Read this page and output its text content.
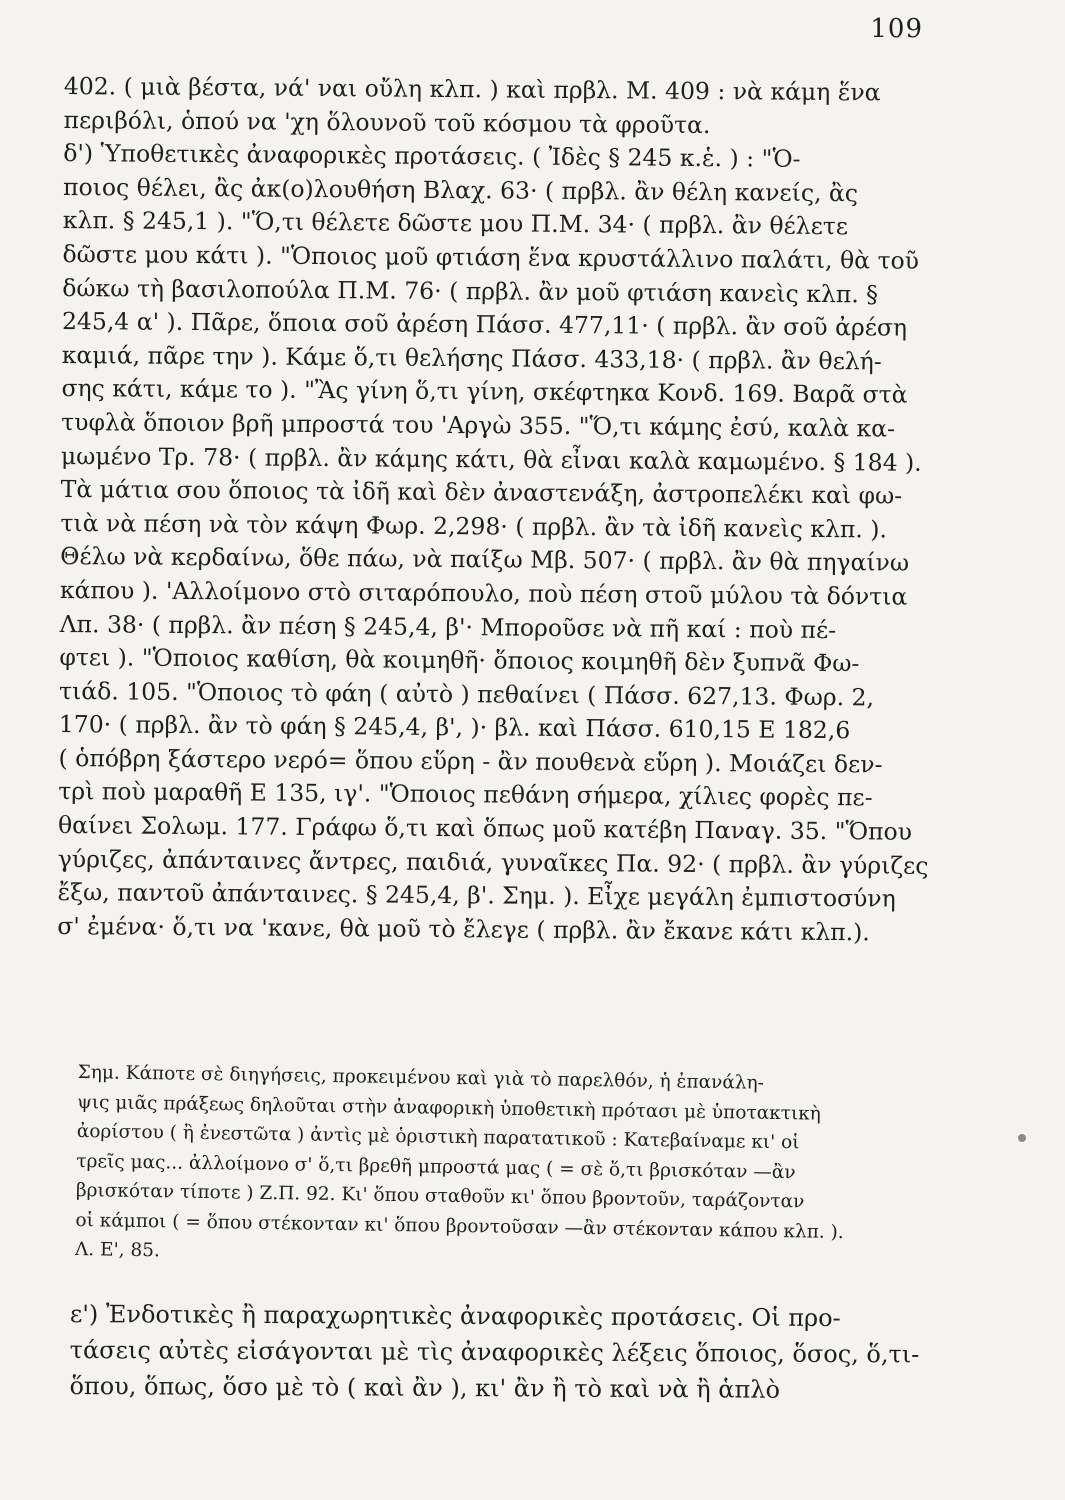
109
402. ( μιὰ βέστα, νά' ναι οὔλη κλπ. ) καὶ πρβλ. Μ. 409 : νὰ κάμη ἕνα
περιβόλι, ὁπού να 'χη ὅλουνοῦ τοῦ κόσμου τὰ φροῦτα.
δ') Ὑποθετικὲς ἀναφορικὲς προτάσεις. ( Ἰδὲς § 245 κ.ἑ. ) : "Ὁ-
ποιος θέλει, ἂς ἀκ(ο)λουθήση Βλαχ. 63· ( πρβλ. ἂν θέλη κανείς, ἂς
κλπ. § 245,1 ). "Ὅ,τι θέλετε δῶστε μου Π.Μ. 34· ( πρβλ. ἂν θέλετε
δῶστε μου κάτι ). "Ὁποιος μοῦ φτιάση ἕνα κρυστάλλινο παλάτι, θὰ τοῦ
δώκω τὴ βασιλοπούλα Π.Μ. 76· ( πρβλ. ἂν μοῦ φτιάση κανεὶς κλπ. §
245,4 α' ). Πᾶρε, ὅποια σοῦ ἀρέση Πάσσ. 477,11· ( πρβλ. ἂν σοῦ ἀρέση
καμιά, πᾶρε την ). Κάμε ὅ,τι θελήσης Πάσσ. 433,18· ( πρβλ. ἂν θελή-
σης κάτι, κάμε το ). "Ἂς γίνη ὅ,τι γίνη, σκέφτηκα Κονδ. 169. Βαρᾶ στὰ
τυφλὰ ὅποιον βρῆ μπροστά του 'Αργὼ 355. "Ὅ,τι κάμης ἐσύ, καλὰ κα-
μωμένο Τρ. 78· ( πρβλ. ἂν κάμης κάτι, θὰ εἶναι καλὰ καμωμένο. § 184 ).
Τὰ μάτια σου ὅποιος τὰ ἰδῆ καὶ δὲν ἀναστενάξη, ἀστροπελέκι καὶ φω-
τιὰ νὰ πέση νὰ τὸν κάψη Φωρ. 2,298· ( πρβλ. ἂν τὰ ἰδῆ κανεὶς κλπ. ).
Θέλω νὰ κερδαίνω, ὅθε πάω, νὰ παίξω Μβ. 507· ( πρβλ. ἂν θὰ πηγαίνω
κάπου ). 'Αλλοίμονο στὸ σιταρόπουλο, ποὺ πέση στοῦ μύλου τὰ δόντια
Λπ. 38· ( πρβλ. ἂν πέση § 245,4, β'· Μποροῦσε νὰ πῆ καί : ποὺ πέ-
φτει ). "Ὁποιος καθίση, θὰ κοιμηθῆ· ὅποιος κοιμηθῆ δὲν ξυπνᾶ Φω-
τιάδ. 105. "Ὁποιος τὸ φάη ( αὐτὸ ) πεθαίνει ( Πάσσ. 627,13. Φωρ. 2,
170· ( πρβλ. ἂν τὸ φάη § 245,4, β', )· βλ. καὶ Πάσσ. 610,15 Ε 182,6
( ὁπόβρη ξάστερο νερό= ὅπου εὕρη - ἂν πουθενὰ εὕρη ). Μοιάζει δεν-
τρὶ ποὺ μαραθῆ Ε 135, ιγ'. "Ὁποιος πεθάνη σήμερα, χίλιες φορὲς πε-
θαίνει Σολωμ. 177. Γράφω ὅ,τι καὶ ὅπως μοῦ κατέβη Παναγ. 35. "Ὅπου
γύριζες, ἀπάνταινες ἄντρες, παιδιά, γυναῖκες Πα. 92· ( πρβλ. ἂν γύριζες
ἔξω, παντοῦ ἀπάνταινες. § 245,4, β'. Σημ. ). Εἶχε μεγάλη ἐμπιστοσύνη
σ' ἐμένα· ὅ,τι να 'κανε, θὰ μοῦ τὸ ἔλεγε ( πρβλ. ἂν ἔκανε κάτι κλπ.).
Σημ. Κάποτε σὲ διηγήσεις, προκειμένου καὶ γιὰ τὸ παρελθόν, ἡ ἐπανάλη-
ψις μιᾶς πράξεως δηλοῦται στὴν ἀναφορικὴ ὑποθετικὴ πρότασι μὲ ὑποτακτικὴ
ἀορίστου ( ἢ ἐνεστῶτα ) ἀντὶς μὲ ὁριστικὴ παρατατικοῦ : Κατεβαίναμε κι' οἱ
τρεῖς μας... ἀλλοίμονο σ' ὅ,τι βρεθῆ μπροστά μας ( = σὲ ὅ,τι βρισκόταν —ἂν
βρισκόταν τίποτε ) Ζ.Π. 92. Κι' ὅπου σταθοῦν κι' ὅπου βροντοῦν, ταράζονταν
οἱ κάμποι ( = ὅπου στέκονταν κι' ὅπου βροντοῦσαν —ἂν στέκονταν κάπου κλπ. ).
Λ. Ε', 85.
ε') Ἐνδοτικὲς ἢ παραχωρητικὲς ἀναφορικὲς προτάσεις. Οἱ προ-
τάσεις αὐτὲς εἰσάγονται μὲ τὶς ἀναφορικὲς λέξεις ὅποιος, ὅσος, ὅ,τι-
ὅπου, ὅπως, ὅσο μὲ τὸ ( καὶ ἂν ), κι' ἂν ἢ τὸ καὶ νὰ ἢ ἁπλὸ
